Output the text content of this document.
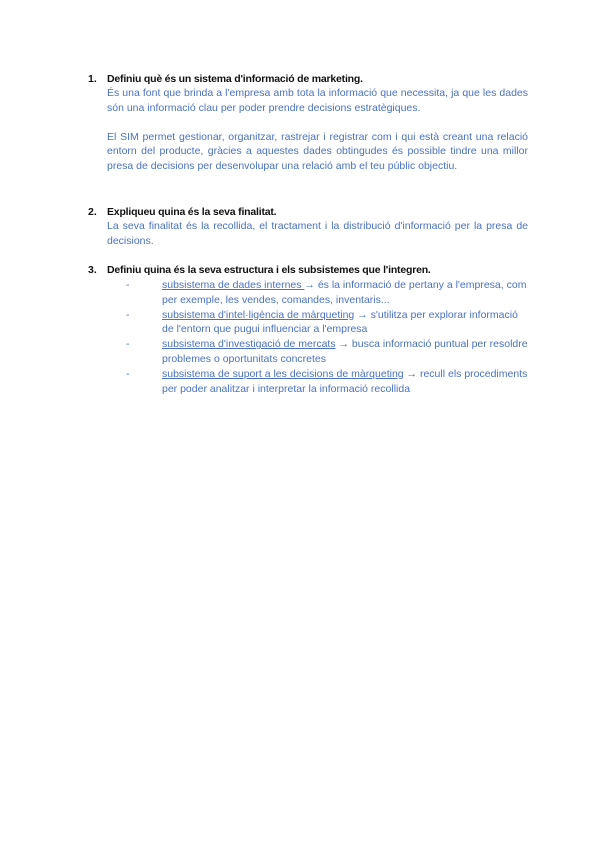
1. Definiu què és un sistema d'informació de marketing.

És una font que brinda a l'empresa amb tota la informació que necessita, ja que les dades són una informació clau per poder prendre decisions estratègiques.

El SIM permet gestionar, organitzar, rastrejar i registrar com i qui està creant una relació entorn del producte, gràcies a aquestes dades obtingudes és possible tindre una millor presa de decisions per desenvolupar una relació amb el teu públic objectiu.

2. Expliqueu quina és la seva finalitat.

La seva finalitat és la recollida, el tractament i la distribució d'informació per la presa de decisions.

3. Definiu quina és la seva estructura i els subsistemes que l'integren.
-	subsistema de dades internes → és la informació de pertany a l'empresa, com per exemple, les vendes, comandes, inventaris...
-	subsistema d'intel·ligència de màrqueting → s'utilitza per explorar informació de l'entorn que pugui influenciar a l'empresa
-	subsistema d'investigació de mercats → busca informació puntual per resoldre problemes o oportunitats concretes
-	subsistema de suport a les decisions de màrqueting → recull els procediments per poder analitzar i interpretar la informació recollida
